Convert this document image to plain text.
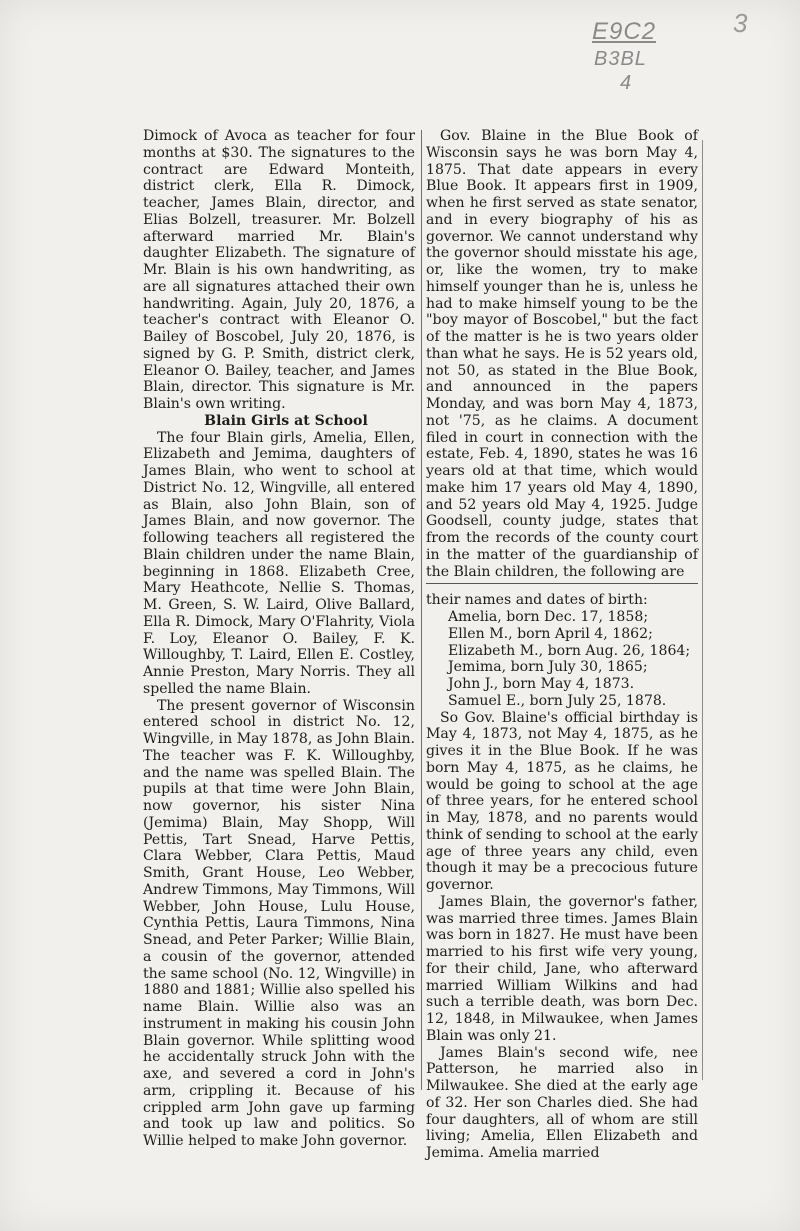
3
E9C2
B3BL
4

Dimock of Avoca as teacher for four months at $30. The signatures to the contract are Edward Monteith, district clerk, Ella R. Dimock, teacher, James Blain, director, and Elias Bolzell, treasurer. Mr. Bolzell afterward married Mr. Blain's daughter Elizabeth. The signature of Mr. Blain is his own handwriting, as are all signatures attached their own handwriting. Again, July 20, 1876, a teacher's contract with Eleanor O. Bailey of Boscobel, July 20, 1876, is signed by G. P. Smith, district clerk, Eleanor O. Bailey, teacher, and James Blain, director. This signature is Mr. Blain's own writing.

Blain Girls at School

The four Blain girls, Amelia, Ellen, Elizabeth and Jemima, daughters of James Blain, who went to school at District No. 12, Wingville, all entered as Blain, also John Blain, son of James Blain, and now governor. The following teachers all registered the Blain children under the name Blain, beginning in 1868. Elizabeth Cree, Mary Heathcote, Nellie S. Thomas, M. Green, S. W. Laird, Olive Ballard, Ella R. Dimock, Mary O'Flahrity, Viola F. Loy, Eleanor O. Bailey, F. K. Willoughby, T. Laird, Ellen E. Costley, Annie Preston, Mary Norris. They all spelled the name Blain.

The present governor of Wisconsin entered school in district No. 12, Wingville, in May 1878, as John Blain. The teacher was F. K. Willoughby, and the name was spelled Blain. The pupils at that time were John Blain, now governor, his sister Nina (Jemima) Blain, May Shopp, Will Pettis, Tart Snead, Harve Pettis, Clara Webber, Clara Pettis, Maud Smith, Grant House, Leo Webber, Andrew Timmons, May Timmons, Will Webber, John House, Lulu House, Cynthia Pettis, Laura Timmons, Nina Snead, and Peter Parker; Willie Blain, a cousin of the governor, attended the same school (No. 12, Wingville) in 1880 and 1881; Willie also spelled his name Blain. Willie also was an instrument in making his cousin John Blain governor. While splitting wood he accidentally struck John with the axe, and severed a cord in John's arm, crippling it. Because of his crippled arm John gave up farming and took up law and politics. So Willie helped to make John governor.

Gov. Blaine in the Blue Book of Wisconsin says he was born May 4, 1875. That date appears in every Blue Book. It appears first in 1909, when he first served as state senator, and in every biography of his as governor. We cannot understand why the governor should misstate his age, or, like the women, try to make himself younger than he is, unless he had to make himself young to be the "boy mayor of Boscobel," but the fact of the matter is he is two years older than what he says. He is 52 years old, not 50, as stated in the Blue Book, and announced in the papers Monday, and was born May 4, 1873, not '75, as he claims. A document filed in court in connection with the estate, Feb. 4, 1890, states he was 16 years old at that time, which would make him 17 years old May 4, 1890, and 52 years old May 4, 1925. Judge Goodsell, county judge, states that from the records of the county court in the matter of the guardianship of the Blain children, the following are

their names and dates of birth:

Amelia, born Dec. 17, 1858;
Ellen M., born April 4, 1862;
Elizabeth M., born Aug. 26, 1864;
Jemima, born July 30, 1865;
John J., born May 4, 1873.
Samuel E., born July 25, 1878.

So Gov. Blaine's official birthday is May 4, 1873, not May 4, 1875, as he gives it in the Blue Book. If he was born May 4, 1875, as he claims, he would be going to school at the age of three years, for he entered school in May, 1878, and no parents would think of sending to school at the early age of three years any child, even though it may be a precocious future governor.

James Blain, the governor's father, was married three times. James Blain was born in 1827. He must have been married to his first wife very young, for their child, Jane, who afterward married William Wilkins and had such a terrible death, was born Dec. 12, 1848, in Milwaukee, when James Blain was only 21.

James Blain's second wife, nee Patterson, he married also in Milwaukee. She died at the early age of 32. Her son Charles died. She had four daughters, all of whom are still living; Amelia, Ellen Elizabeth and Jemima. Amelia married
